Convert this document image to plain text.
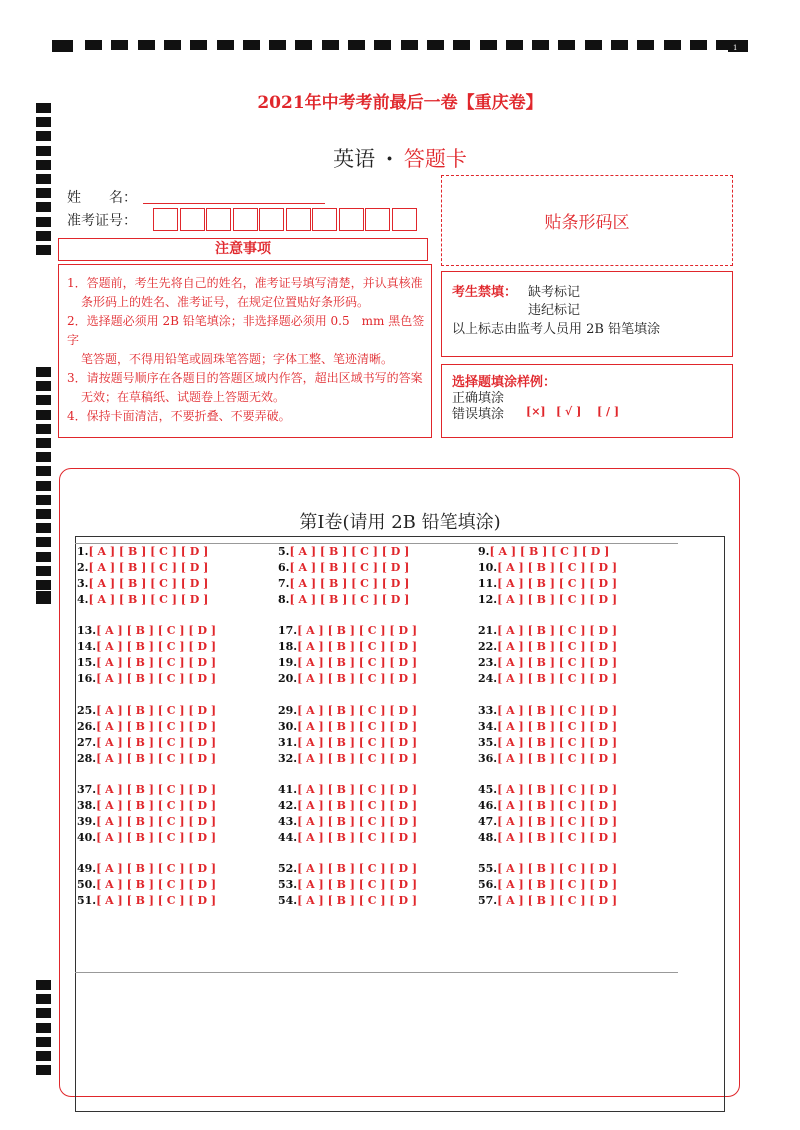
1
2021年中考考前最后一卷【重庆卷】
英语 · 答题卡
姓　　名：
准考证号：
注意事项

1．答题前，考生先将自己的姓名，准考证号填写清楚，并认真核准

条形码上的姓名、准考证号，在规定位置贴好条形码。

2．选择题必须用 2B 铅笔填涂；非选择题必须用 0.5　mm 黑色签字

笔答题，不得用铅笔或圆珠笔答题；字体工整、笔迹清晰。

3．请按题号顺序在各题目的答题区域内作答，超出区域书写的答案

无效；在草稿纸、试题卷上答题无效。

4．保持卡面清洁，不要折叠、不要弄破。

贴条形码区
考生禁填： 缺考标记
违纪标记
以上标志由监考人员用 2B 铅笔填涂
选择题填涂样例：
正确填涂
错误填涂 [×] [ √ ] [ / ]
第Ⅰ卷(请用 2B 铅笔填涂)
1.[ A ] [ B ] [ C ] [ D ]
2.[ A ] [ B ] [ C ] [ D ]
3.[ A ] [ B ] [ C ] [ D ]
4.[ A ] [ B ] [ C ] [ D ]
13.[ A ] [ B ] [ C ] [ D ]
14.[ A ] [ B ] [ C ] [ D ]
15.[ A ] [ B ] [ C ] [ D ]
16.[ A ] [ B ] [ C ] [ D ]
25.[ A ] [ B ] [ C ] [ D ]
26.[ A ] [ B ] [ C ] [ D ]
27.[ A ] [ B ] [ C ] [ D ]
28.[ A ] [ B ] [ C ] [ D ]
37.[ A ] [ B ] [ C ] [ D ]
38.[ A ] [ B ] [ C ] [ D ]
39.[ A ] [ B ] [ C ] [ D ]
40.[ A ] [ B ] [ C ] [ D ]
49.[ A ] [ B ] [ C ] [ D ]
50.[ A ] [ B ] [ C ] [ D ]
51.[ A ] [ B ] [ C ] [ D ]
5.[ A ] [ B ] [ C ] [ D ]
6.[ A ] [ B ] [ C ] [ D ]
7.[ A ] [ B ] [ C ] [ D ]
8.[ A ] [ B ] [ C ] [ D ]
17.[ A ] [ B ] [ C ] [ D ]
18.[ A ] [ B ] [ C ] [ D ]
19.[ A ] [ B ] [ C ] [ D ]
20.[ A ] [ B ] [ C ] [ D ]
29.[ A ] [ B ] [ C ] [ D ]
30.[ A ] [ B ] [ C ] [ D ]
31.[ A ] [ B ] [ C ] [ D ]
32.[ A ] [ B ] [ C ] [ D ]
41.[ A ] [ B ] [ C ] [ D ]
42.[ A ] [ B ] [ C ] [ D ]
43.[ A ] [ B ] [ C ] [ D ]
44.[ A ] [ B ] [ C ] [ D ]
52.[ A ] [ B ] [ C ] [ D ]
53.[ A ] [ B ] [ C ] [ D ]
54.[ A ] [ B ] [ C ] [ D ]
9.[ A ] [ B ] [ C ] [ D ]
10.[ A ] [ B ] [ C ] [ D ]
11.[ A ] [ B ] [ C ] [ D ]
12.[ A ] [ B ] [ C ] [ D ]
21.[ A ] [ B ] [ C ] [ D ]
22.[ A ] [ B ] [ C ] [ D ]
23.[ A ] [ B ] [ C ] [ D ]
24.[ A ] [ B ] [ C ] [ D ]
33.[ A ] [ B ] [ C ] [ D ]
34.[ A ] [ B ] [ C ] [ D ]
35.[ A ] [ B ] [ C ] [ D ]
36.[ A ] [ B ] [ C ] [ D ]
45.[ A ] [ B ] [ C ] [ D ]
46.[ A ] [ B ] [ C ] [ D ]
47.[ A ] [ B ] [ C ] [ D ]
48.[ A ] [ B ] [ C ] [ D ]
55.[ A ] [ B ] [ C ] [ D ]
56.[ A ] [ B ] [ C ] [ D ]
57.[ A ] [ B ] [ C ] [ D ]
